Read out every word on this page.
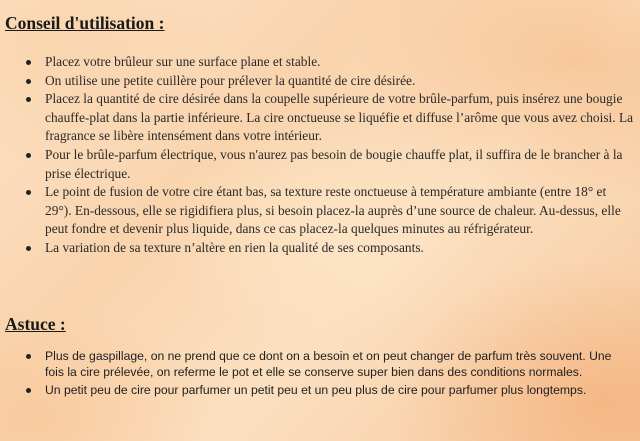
Conseil d'utilisation :
Placez votre brûleur sur une surface plane et stable.
On utilise une petite cuillère pour prélever la quantité de cire désirée.
Placez la quantité de cire désirée dans la coupelle supérieure de votre brûle-parfum, puis insérez une bougie chauffe-plat dans la partie inférieure. La cire onctueuse se liquéfie et diffuse l’arôme que vous avez choisi. La fragrance se libère intensément dans votre intérieur.
Pour le brûle-parfum électrique, vous n'aurez pas besoin de bougie chauffe plat, il suffira de le brancher à la prise électrique.
Le point de fusion de votre cire étant bas, sa texture reste onctueuse à température ambiante (entre 18° et 29°). En-dessous, elle se rigidifiera plus, si besoin placez-la auprès d’une source de chaleur. Au-dessus, elle peut fondre et devenir plus liquide, dans ce cas placez-la quelques minutes au réfrigérateur.
La variation de sa texture n’altère en rien la qualité de ses composants.
Astuce :
Plus de gaspillage, on ne prend que ce dont on a besoin et on peut changer de parfum très souvent. Une fois la cire prélevée, on referme le pot et elle se conserve super bien dans des conditions normales.
Un petit peu de cire pour parfumer un petit peu et un peu plus de cire pour parfumer plus longtemps.
